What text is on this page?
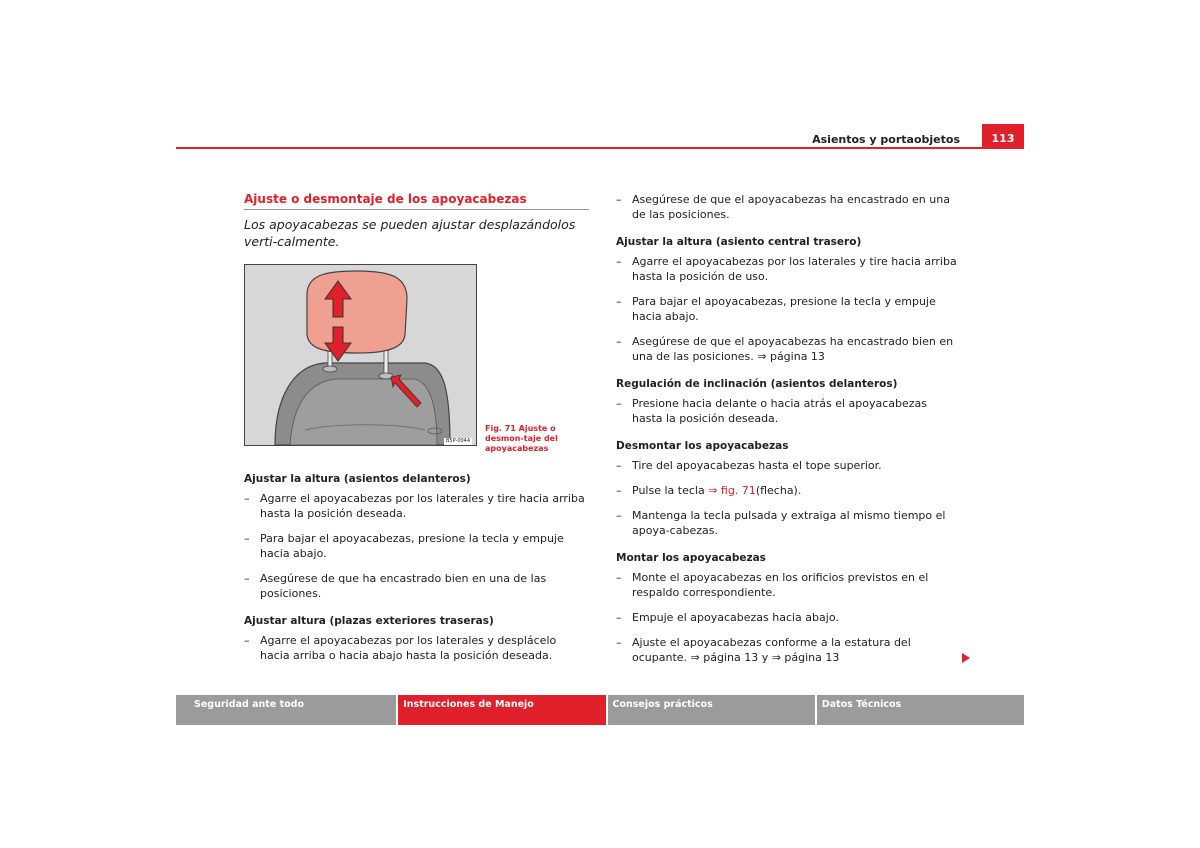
Asientos y portaobjetos	113
Ajuste o desmontaje de los apoyacabezas
Los apoyacabezas se pueden ajustar desplazándolos verti-calmente.
B5P-0044
Fig. 71 Ajuste o desmon-taje del apoyacabezas
Ajustar la altura (asientos delanteros)
– Agarre el apoyacabezas por los laterales y tire hacia arriba hasta la posición deseada.
– Para bajar el apoyacabezas, presione la tecla y empuje hacia abajo.
– Asegúrese de que ha encastrado bien en una de las posiciones.
Ajustar altura (plazas exteriores traseras)
– Agarre el apoyacabezas por los laterales y desplácelo hacia arriba o hacia abajo hasta la posición deseada.
– Asegúrese de que el apoyacabezas ha encastrado en una de las posiciones.
Ajustar la altura (asiento central trasero)
– Agarre el apoyacabezas por los laterales y tire hacia arriba hasta la posición de uso.
– Para bajar el apoyacabezas, presione la tecla y empuje hacia abajo.
– Asegúrese de que el apoyacabezas ha encastrado bien en una de las posiciones. ⇒ página 13
Regulación de inclinación (asientos delanteros)
– Presione hacia delante o hacia atrás el apoyacabezas hasta la posición deseada.
Desmontar los apoyacabezas
– Tire del apoyacabezas hasta el tope superior.
– Pulse la tecla ⇒ fig. 71(flecha).
– Mantenga la tecla pulsada y extraiga al mismo tiempo el apoya-cabezas.
Montar los apoyacabezas
– Monte el apoyacabezas en los orificios previstos en el respaldo correspondiente.
– Empuje el apoyacabezas hacia abajo.
– Ajuste el apoyacabezas conforme a la estatura del ocupante. ⇒ página 13 y ⇒ página 13
Seguridad ante todo	Instrucciones de Manejo	Consejos prácticos	Datos Técnicos
